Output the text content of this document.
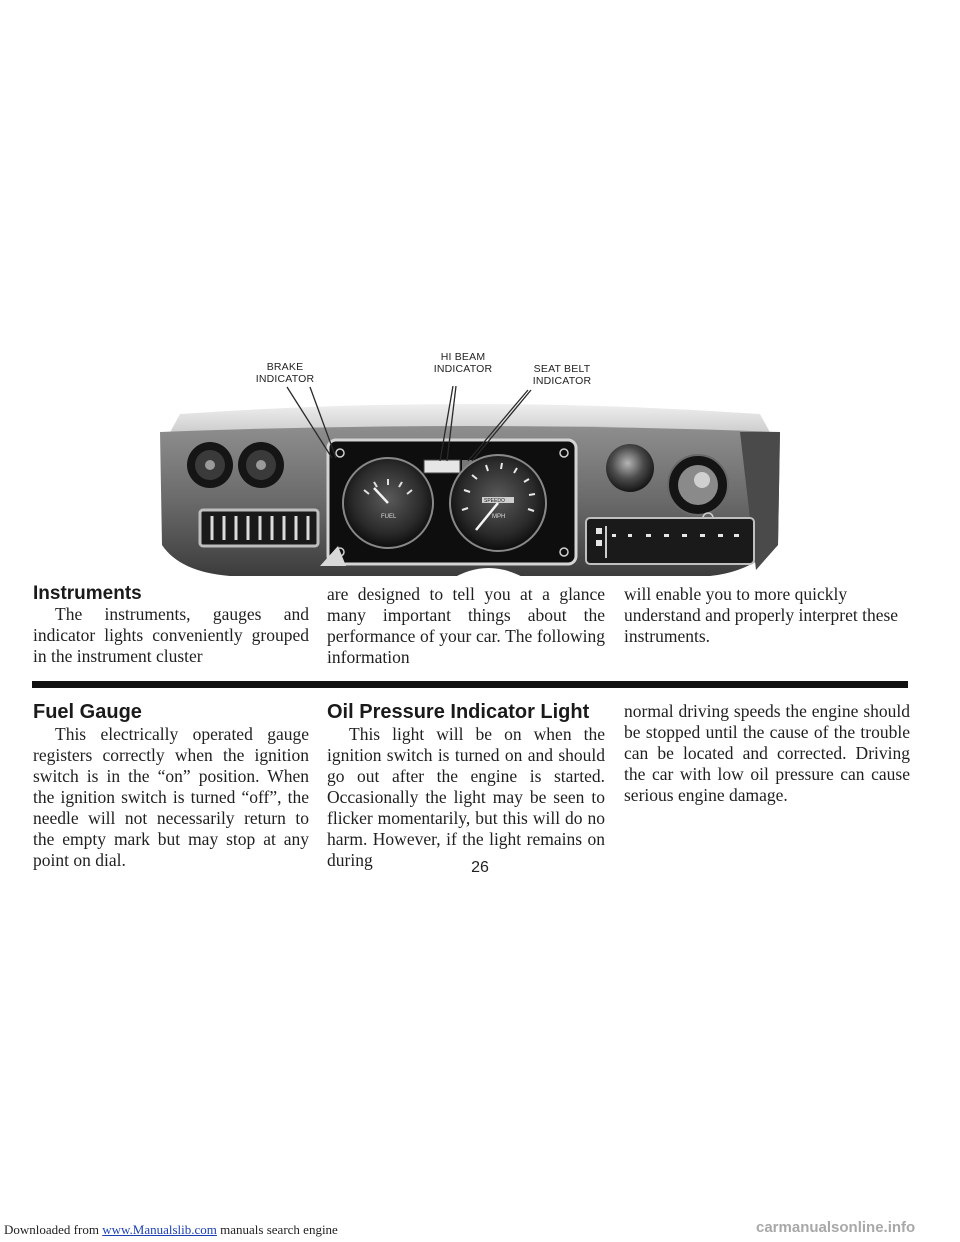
BRAKE
INDICATOR
HI BEAM
INDICATOR	SEAT BELT
INDICATOR
FUEL
SPEEDO
MPH
Instruments

The instruments, gauges and indicator lights conveniently grouped in the instrument cluster

are designed to tell you at a glance many important things about the performance of your car. The following information

will enable you to more quickly understand and properly interpret these instruments.

Fuel Gauge

This electrically operated gauge registers correctly when the ignition switch is in the “on” position. When the ignition switch is turned “off”, the needle will not necessarily return to the empty mark but may stop at any point on dial.

Oil Pressure Indicator Light

This light will be on when the ignition switch is turned on and should go out after the engine is started. Occasionally the light may be seen to flicker momentarily, but this will do no harm. However, if the light remains on during

normal driving speeds the engine should be stopped until the cause of the trouble can be located and corrected. Driving the car with low oil pressure can cause serious engine damage.

26
Downloaded from www.Manualslib.com manuals search engine	carmanualsonline.info
